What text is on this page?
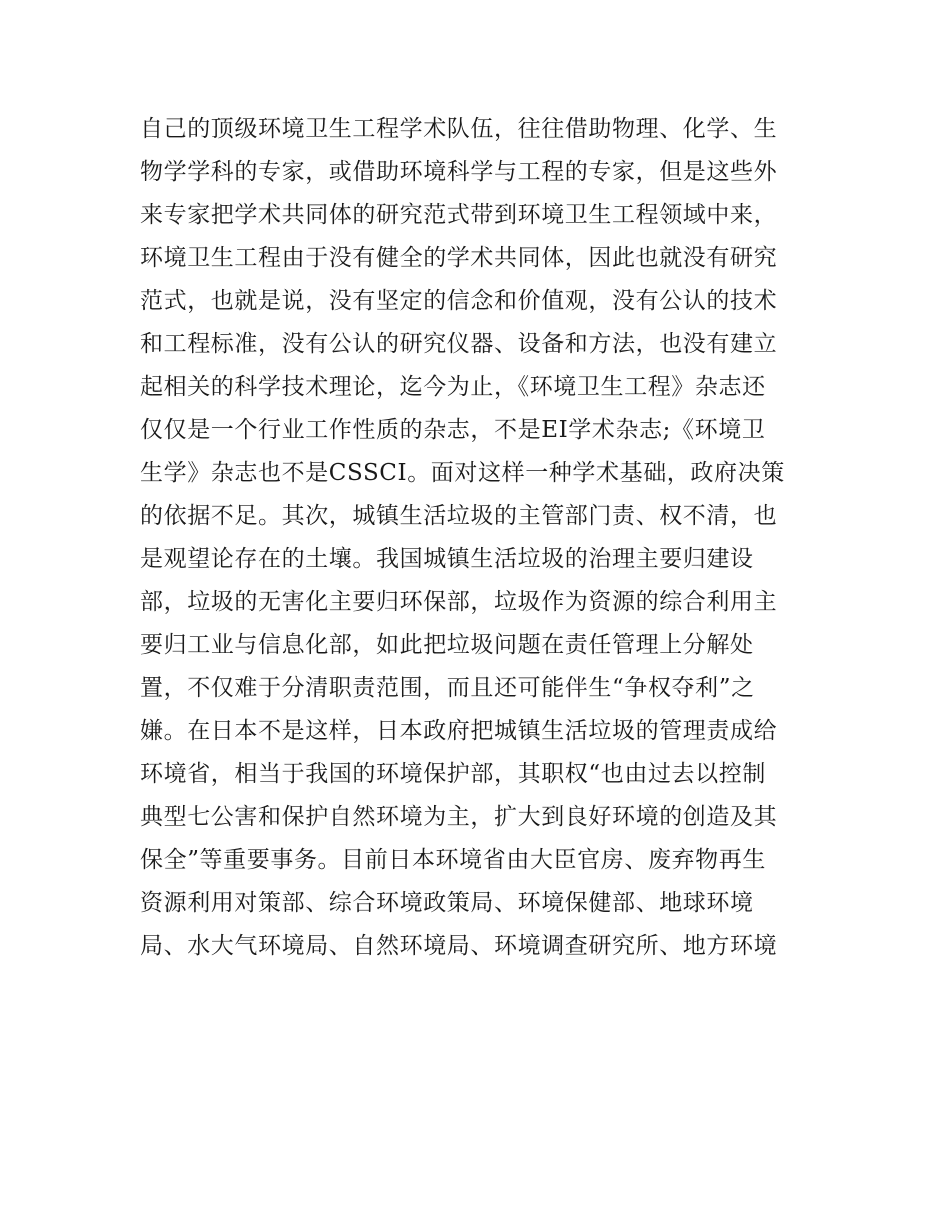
自己的顶级环境卫生工程学术队伍，往往借助物理、化学、生
物学学科的专家，或借助环境科学与工程的专家，但是这些外
来专家把学术共同体的研究范式带到环境卫生工程领域中来，
环境卫生工程由于没有健全的学术共同体，因此也就没有研究
范式，也就是说，没有坚定的信念和价值观，没有公认的技术
和工程标准，没有公认的研究仪器、设备和方法，也没有建立
起相关的科学技术理论，迄今为止，《环境卫生工程》杂志还
仅仅是一个行业工作性质的杂志，不是EI学术杂志;《环境卫
生学》杂志也不是CSSCI。面对这样一种学术基础，政府决策
的依据不足。其次，城镇生活垃圾的主管部门责、权不清，也
是观望论存在的土壤。我国城镇生活垃圾的治理主要归建设
部，垃圾的无害化主要归环保部，垃圾作为资源的综合利用主
要归工业与信息化部，如此把垃圾问题在责任管理上分解处
置，不仅难于分清职责范围，而且还可能伴生“争权夺利”之
嫌。在日本不是这样，日本政府把城镇生活垃圾的管理责成给
环境省，相当于我国的环境保护部，其职权“也由过去以控制
典型七公害和保护自然环境为主，扩大到良好环境的创造及其
保全”等重要事务。目前日本环境省由大臣官房、废弃物再生
资源利用对策部、综合环境政策局、环境保健部、地球环境
局、水大气环境局、自然环境局、环境调查研究所、地方环境
